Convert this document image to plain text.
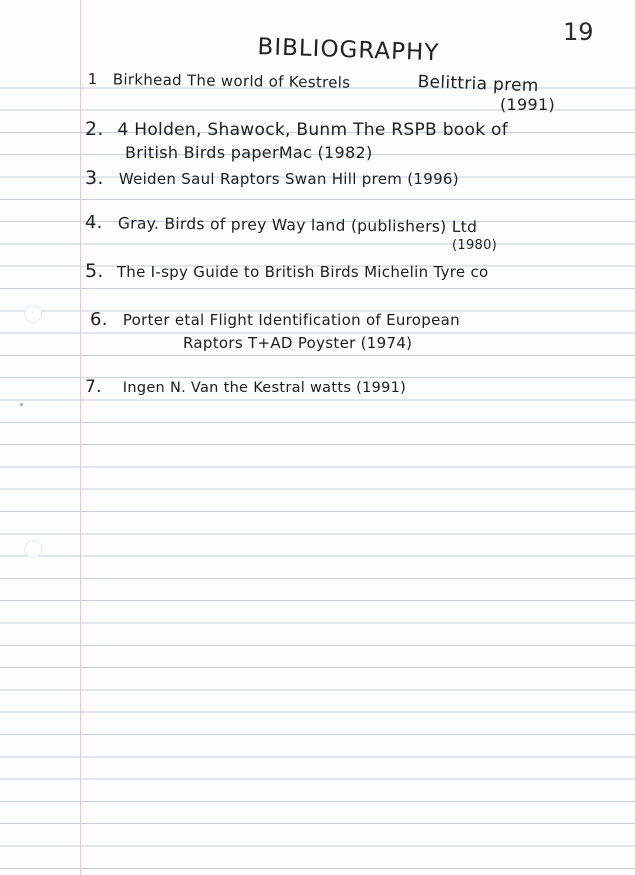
19
BIBLIOGRAPHY
1 Birkhead The world of Kestrels	Belittria prem
(1991)
2. 4 Holden, Shawock, Bunm The RSPB book of
British Birds paperMac (1982)
3. Weiden Saul Raptors Swan Hill prem (1996)
4. Gray. Birds of prey Way land (publishers) Ltd
(1980)
5. The I-spy Guide to British Birds Michelin Tyre co
6. Porter etal Flight Identification of European
Raptors T+AD Poyster (1974)
7. Ingen N. Van the Kestral watts (1991)
